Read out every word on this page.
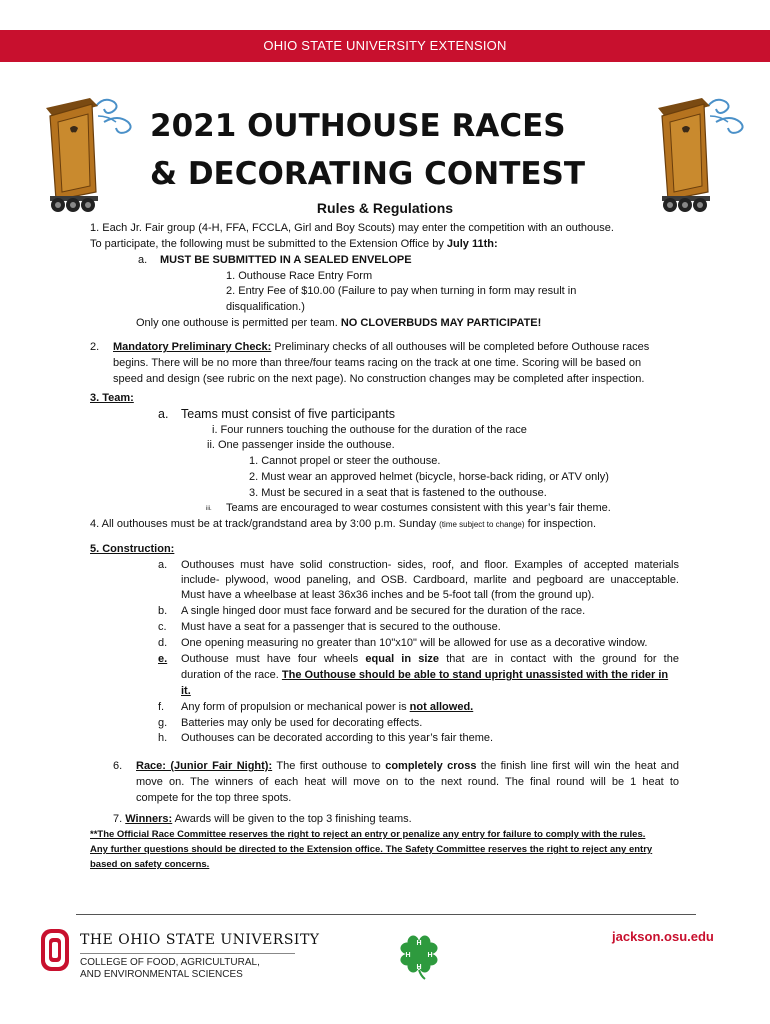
OHIO STATE UNIVERSITY EXTENSION
2021 OUTHOUSE RACES
& DECORATING CONTEST
Rules & Regulations
1. Each Jr. Fair group (4-H, FFA, FCCLA, Girl and Boy Scouts) may enter the competition with an outhouse.
To participate, the following must be submitted to the Extension Office by July 11th:
a. MUST BE SUBMITTED IN A SEALED ENVELOPE
1. Outhouse Race Entry Form
2. Entry Fee of $10.00 (Failure to pay when turning in form may result in
disqualification.)
Only one outhouse is permitted per team. NO CLOVERBUDS MAY PARTICIPATE!
2. Mandatory Preliminary Check: Preliminary checks of all outhouses will be completed before Outhouse races
begins. There will be no more than three/four teams racing on the track at one time. Scoring will be based on
speed and design (see rubric on the next page). No construction changes may be completed after inspection.
3. Team:
a. Teams must consist of five participants
i. Four runners touching the outhouse for the duration of the race
ii. One passenger inside the outhouse.
1. Cannot propel or steer the outhouse.
2. Must wear an approved helmet (bicycle, horse-back riding, or ATV only)
3. Must be secured in a seat that is fastened to the outhouse.
iii. Teams are encouraged to wear costumes consistent with this year’s fair theme.
4. All outhouses must be at track/grandstand area by 3:00 p.m. Sunday (time subject to change) for inspection.
5. Construction:
a. Outhouses must have solid construction- sides, roof, and floor. Examples of accepted materials
include- plywood, wood paneling, and OSB. Cardboard, marlite and pegboard are unacceptable.
Must have a wheelbase at least 36x36 inches and be 5-foot tall (from the ground up).
b. A single hinged door must face forward and be secured for the duration of the race.
c. Must have a seat for a passenger that is secured to the outhouse.
d. One opening measuring no greater than 10"x10" will be allowed for use as a decorative window.
e. Outhouse must have four wheels equal in size that are in contact with the ground for the
duration of the race. The Outhouse should be able to stand upright unassisted with the rider in
it.
f. Any form of propulsion or mechanical power is not allowed.
g. Batteries may only be used for decorating effects.
h. Outhouses can be decorated according to this year’s fair theme.
6. Race: (Junior Fair Night): The first outhouse to completely cross the finish line first will win the heat and
move on. The winners of each heat will move on to the next round. The final round will be 1 heat to
compete for the top three spots.
7. Winners: Awards will be given to the top 3 finishing teams.
**The Official Race Committee reserves the right to reject an entry or penalize any entry for failure to comply with the rules.
Any further questions should be directed to the Extension office. The Safety Committee reserves the right to reject any entry
based on safety concerns.
THE OHIO STATE UNIVERSITY
COLLEGE OF FOOD, AGRICULTURAL,
AND ENVIRONMENTAL SCIENCES
H
H
H H
jackson.osu.edu
